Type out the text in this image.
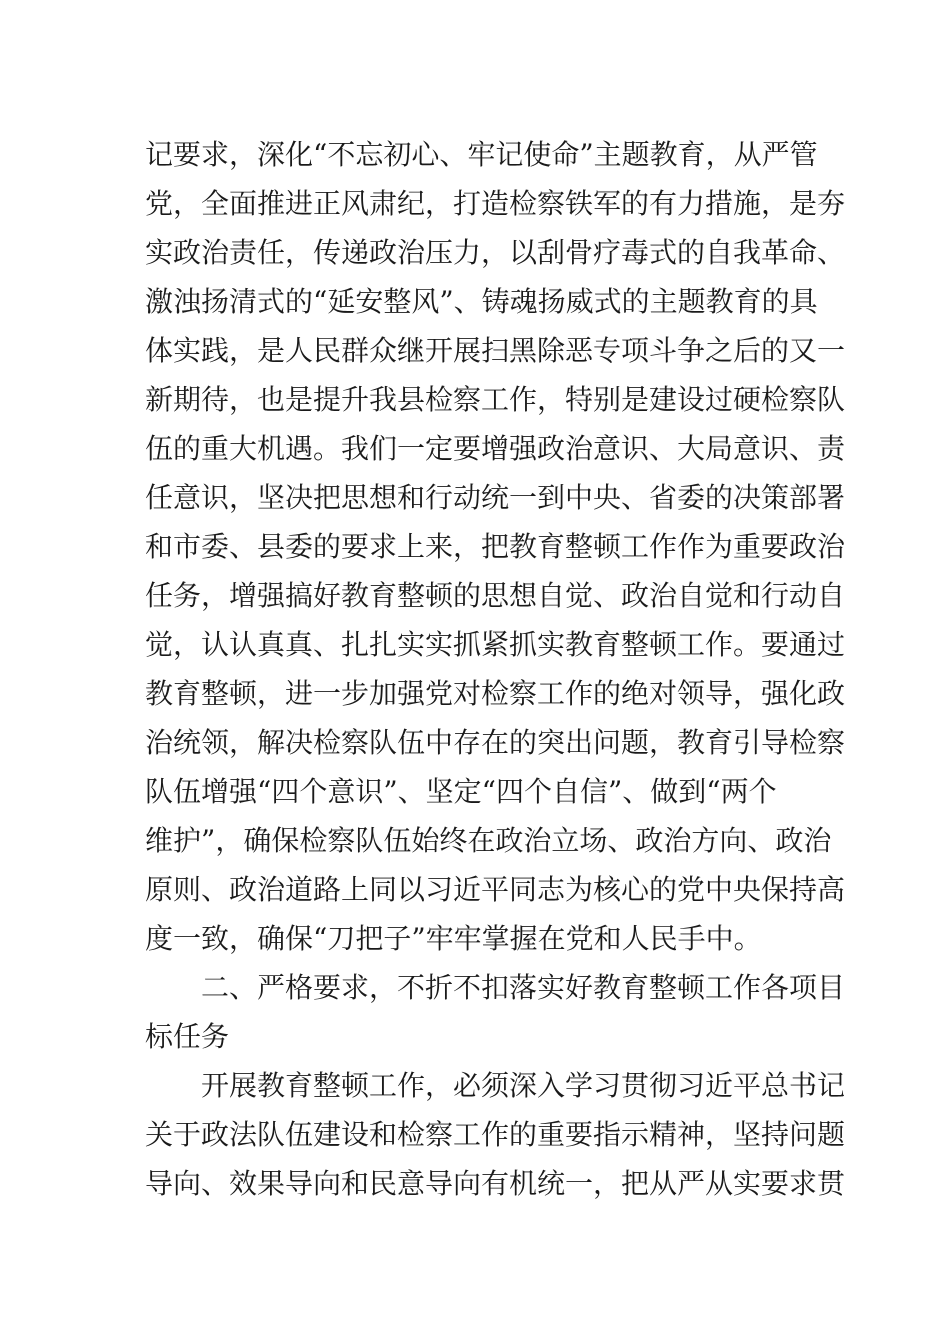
记要求，深化“不忘初心、牢记使命”主题教育，从严管
党，全面推进正风肃纪，打造检察铁军的有力措施，是夯
实政治责任，传递政治压力，以刮骨疗毒式的自我革命、
激浊扬清式的“延安整风”、铸魂扬威式的主题教育的具
体实践，是人民群众继开展扫黑除恶专项斗争之后的又一
新期待，也是提升我县检察工作，特别是建设过硬检察队
伍的重大机遇。我们一定要增强政治意识、大局意识、责
任意识，坚决把思想和行动统一到中央、省委的决策部署
和市委、县委的要求上来，把教育整顿工作作为重要政治
任务，增强搞好教育整顿的思想自觉、政治自觉和行动自
觉，认认真真、扎扎实实抓紧抓实教育整顿工作。要通过
教育整顿，进一步加强党对检察工作的绝对领导，强化政
治统领，解决检察队伍中存在的突出问题，教育引导检察
队伍增强“四个意识”、坚定“四个自信”、做到“两个
维护”，确保检察队伍始终在政治立场、政治方向、政治
原则、政治道路上同以习近平同志为核心的党中央保持高
度一致，确保“刀把子”牢牢掌握在党和人民手中。
二、严格要求，不折不扣落实好教育整顿工作各项目
标任务
开展教育整顿工作，必须深入学习贯彻习近平总书记
关于政法队伍建设和检察工作的重要指示精神，坚持问题
导向、效果导向和民意导向有机统一，把从严从实要求贯
